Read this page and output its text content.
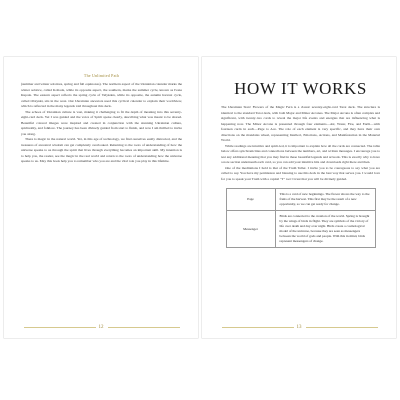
The Unlimited Path

(summer and winter solstices, spring and fall equinoxes). The northern aspect of the Ukrainian calendar marks the winter solstice, called Koliada, while its opposite aspect, the southern, marks the summer cycle, known as Ivana Kupala. The eastern aspect reflects the spring cycle of Velykden, while its opposite, the autumn harvest cycle, called Obzynki, sits in the west. Our Ukrainian ancestors used this cyclical calendar to explain their worldview, which is reflected in the many legends told throughout this deck.

The echoes of Ukrainian culture is vast, making it challenging to fit the depth of meaning into this seventy-eight-card deck. Yet I was guided and the voice of Spirit spoke clearly, describing what was meant to be shared. Beautiful colored images were inspired and created in conjunction with the stunning Ukrainian culture, spirituality, and folklore. The journey has been divinely guided from start to finish, and now I am thrilled to invite you along.

There is magic in the natural world. Yet, in this age of technology, we find ourselves easily distracted, and the treasures of ancestral wisdom can get completely overlooked. Returning to the roots of understanding of how the universe speaks to us through the spirit that lives through everything becomes an important skill. My intention is to help you, the reader, see the magic in the real world and return to the roots of understanding how the universe speaks to us. May this book help you to remember who you are and the vital role you play in this lifetime.

12
HOW IT WORKS

The Ukrainian Stars' Flowers of the Magic Fern is a classic seventy-eight-card Tarot deck. The structure is identical to the standard Tarot deck, with both Major and Minor Arcanas. The Major Arcana is often complex and significant, with twenty-two cards to reveal the major life events and energies that are influencing what is happening now. The Minor Arcana is presented through four elements—Air, Water, Fire, and Earth—with fourteen cards in each—Page to Ace. The role of each element is very specific, and they have their own directions on the mandalas wheel, representing Intellect, Emotions, Actions, and Manifestation in the Material World.

While readings are intuitive and spirit-led, it is important to explain how all the cards are connected. The table below offers synchronicities and connections between the numbers, art, and written messages. I encourage you to test any additional meaning that you may find in these beautiful legends and artwork. This is exactly why to have a note section underneath each card, so you can add your intuitive hits and downloads right there and then.

One of the meditations I hold is that of the Truth Teller. I invite you to be courageous to say what you are called to say. You have my permission and blessing to use this deck in the best way that serves you. I would love for you to speak your Truth with a capital "T" too! I trust that you will be divinely guided.

Page	This is a card of new beginnings. The flower shows the way to the fruits of the harvest. This first may be the result of a new opportunity, so we can get ready for change.
Messenger	Birds are connected to the creation of the world. Spring is brought by the wings of birds in flight. They are symbols of the victory of life over death and day over night. Birds create a cosmological model of the universe, because they are seen as messengers between the world of gods and people. With this in mind, birds represent messengers of change.
13
